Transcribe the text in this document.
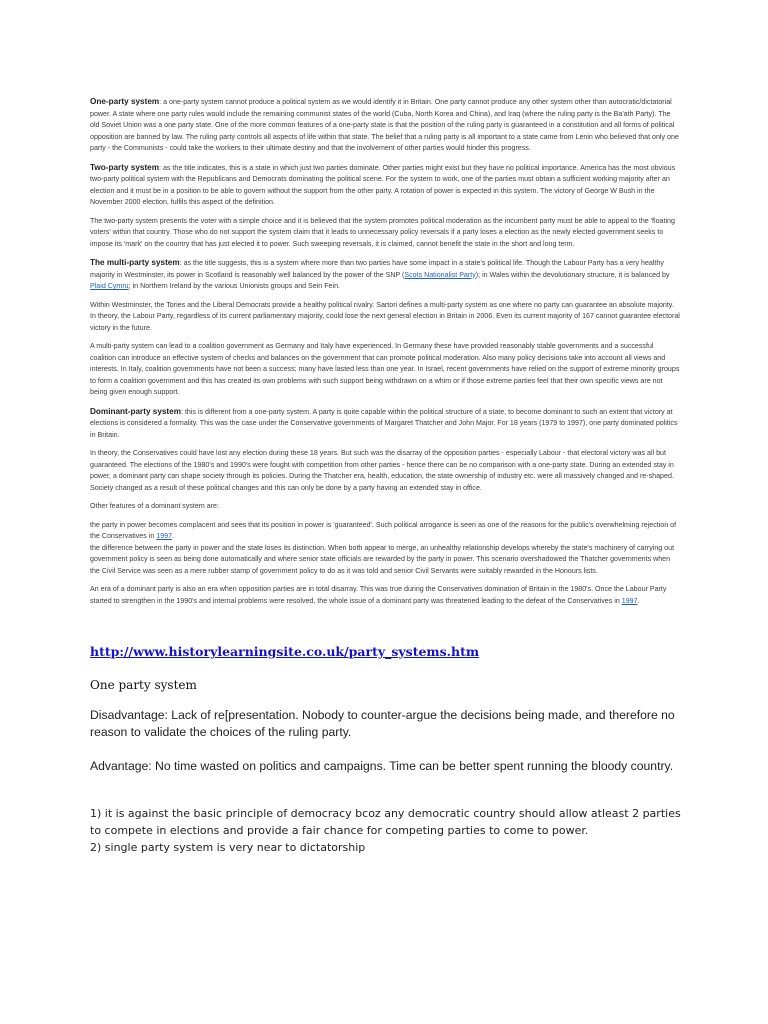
One-party system: a one-party system cannot produce a political system as we would identify it in Britain. One party cannot produce any other system other than autocratic/dictatorial power. A state where one party rules would include the remaining communist states of the world (Cuba, North Korea and China), and Iraq (where the ruling party is the Ba'ath Party). The old Soviet Union was a one party state. One of the more common features of a one-party state is that the position of the ruling party is guaranteed in a constitution and all forms of political opposition are banned by law. The ruling party controls all aspects of life within that state. The belief that a ruling party is all important to a state came from Lenin who believed that only one party - the Communists - could take the workers to their ultimate destiny and that the involvement of other parties would hinder this progress.

Two-party system: as the title indicates, this is a state in which just two parties dominate. Other parties might exist but they have no political importance. America has the most obvious two-party political system with the Republicans and Democrats dominating the political scene. For the system to work, one of the parties must obtain a sufficient working majority after an election and it must be in a position to be able to govern without the support from the other party. A rotation of power is expected in this system. The victory of George W Bush in the November 2000 election, fulfils this aspect of the definition.

The two-party system presents the voter with a simple choice and it is believed that the system promotes political moderation as the incumbent party must be able to appeal to the 'floating voters' within that country. Those who do not support the system claim that it leads to unnecessary policy reversals if a party loses a election as the newly elected government seeks to impose its 'mark' on the country that has just elected it to power. Such sweeping reversals, it is claimed, cannot benefit the state in the short and long term.

The multi-party system: as the title suggests, this is a system where more than two parties have some impact in a state's political life. Though the Labour Party has a very healthy majority in Westminster, its power in Scotland is reasonably well balanced by the power of the SNP (Scots Nationalist Party); in Wales within the devolutionary structure, it is balanced by Plaid Cymru; in Northern Ireland by the various Unionists groups and Sein Fein.

Within Westminster, the Tories and the Liberal Democrats provide a healthy political rivalry. Sartori defines a multi-party system as one where no party can guarantee an absolute majority. In theory, the Labour Party, regardless of its current parliamentary majority, could lose the next general election in Britain in 2006. Even its current majority of 167 cannot guarantee electoral victory in the future.

A multi-party system can lead to a coalition government as Germany and Italy have experienced. In Germany these have provided reasonably stable governments and a successful coalition can introduce an effective system of checks and balances on the government that can promote political moderation. Also many policy decisions take into account all views and interests. In Italy, coalition governments have not been a success; many have lasted less than one year. In Israel, recent governments have relied on the support of extreme minority groups to form a coalition government and this has created its own problems with such support being withdrawn on a whim or if those extreme parties feel that their own specific views are not being given enough support.

Dominant-party system: this is different from a one-party system. A party is quite capable within the political structure of a state, to become dominant to such an extent that victory at elections is considered a formality. This was the case under the Conservative governments of Margaret Thatcher and John Major. For 18 years (1979 to 1997), one party dominated politics in Britain.

In theory, the Conservatives could have lost any election during these 18 years. But such was the disarray of the opposition parties - especially Labour - that electoral victory was all but guaranteed. The elections of the 1980's and 1990's were fought with competition from other parties - hence there can be no comparison with a one-party state. During an extended stay in power, a dominant party can shape society through its policies. During the Thatcher era, health, education, the state ownership of industry etc. were all massively changed and re-shaped. Society changed as a result of these political changes and this can only be done by a party having an extended stay in office.

Other features of a dominant system are:

the party in power becomes complacent and sees that its position in power is 'guaranteed'. Such political arrogance is seen as one of the reasons for the public's overwhelming rejection of the Conservatives in 1997.

the difference between the party in power and the state loses its distinction. When both appear to merge, an unhealthy relationship develops whereby the state's machinery of carrying out government policy is seen as being done automatically and where senior state officials are rewarded by the party in power. This scenario overshadowed the Thatcher governments when the Civil Service was seen as a mere rubber stamp of government policy to do as it was told and senior Civil Servants were suitably rewarded in the Honours lists.

An era of a dominant party is also an era when opposition parties are in total disarray. This was true during the Conservatives domination of Britain in the 1980's. Once the Labour Party started to strengthen in the 1990's and internal problems were resolved, the whole issue of a dominant party was threatened leading to the defeat of the Conservatives in 1997.

http://www.historylearningsite.co.uk/party_systems.htm
One party system

Disadvantage: Lack of re[presentation. Nobody to counter-argue the decisions being made, and therefore no reason to validate the choices of the ruling party.

Advantage: No time wasted on politics and campaigns. Time can be better spent running the bloody country.

1) it is against the basic principle of democracy bcoz any democratic country should allow atleast 2 parties to compete in elections and provide a fair chance for competing parties to come to power.

2) single party system is very near to dictatorship
